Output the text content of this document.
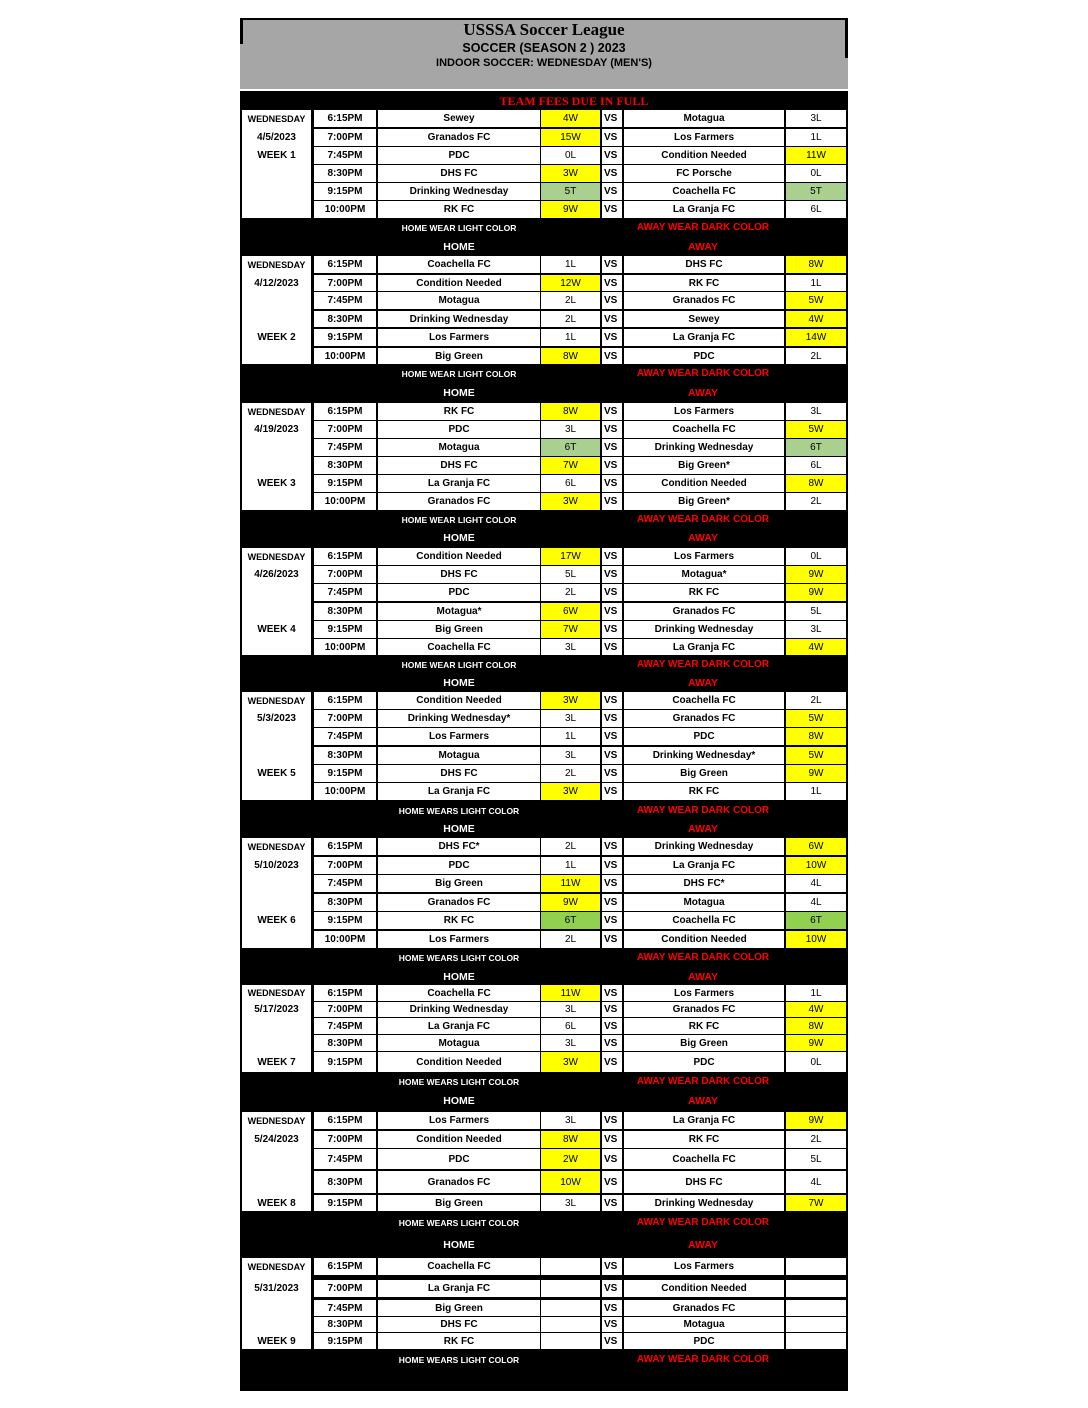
USSSA Soccer League
SOCCER (SEASON 2 ) 2023
INDOOR SOCCER: WEDNESDAY (MEN'S)
TEAM FEES DUE IN FULL
WEDNESDAY	6:15PM	Sewey	4W	VS	Motagua	3L
4/5/2023	7:00PM	Granados FC	15W	VS	Los Farmers	1L
WEEK 1	7:45PM	PDC	0L	VS	Condition Needed	11W
8:30PM	DHS FC	3W	VS	FC Porsche	0L
9:15PM	Drinking Wednesday	5T	VS	Coachella FC	5T
10:00PM	RK FC	9W	VS	La Granja FC	6L
HOME WEAR LIGHT COLOR	AWAY WEAR DARK COLOR
HOME	AWAY
WEDNESDAY	6:15PM	Coachella FC	1L	VS	DHS FC	8W
4/12/2023	7:00PM	Condition Needed	12W	VS	RK FC	1L
7:45PM	Motagua	2L	VS	Granados FC	5W
8:30PM	Drinking Wednesday	2L	VS	Sewey	4W
WEEK 2	9:15PM	Los Farmers	1L	VS	La Granja FC	14W
10:00PM	Big Green	8W	VS	PDC	2L
HOME WEAR LIGHT COLOR	AWAY WEAR DARK COLOR
HOME	AWAY
WEDNESDAY	6:15PM	RK FC	8W	VS	Los Farmers	3L
4/19/2023	7:00PM	PDC	3L	VS	Coachella FC	5W
7:45PM	Motagua	6T	VS	Drinking Wednesday	6T
8:30PM	DHS FC	7W	VS	Big Green*	6L
WEEK 3	9:15PM	La Granja FC	6L	VS	Condition Needed	8W
10:00PM	Granados FC	3W	VS	Big Green*	2L
HOME WEAR LIGHT COLOR	AWAY WEAR DARK COLOR
HOME	AWAY
WEDNESDAY	6:15PM	Condition Needed	17W	VS	Los Farmers	0L
4/26/2023	7:00PM	DHS FC	5L	VS	Motagua*	9W
7:45PM	PDC	2L	VS	RK FC	9W
8:30PM	Motagua*	6W	VS	Granados FC	5L
WEEK 4	9:15PM	Big Green	7W	VS	Drinking Wednesday	3L
10:00PM	Coachella FC	3L	VS	La Granja FC	4W
HOME WEAR LIGHT COLOR	AWAY WEAR DARK COLOR
HOME	AWAY
WEDNESDAY	6:15PM	Condition Needed	3W	VS	Coachella FC	2L
5/3/2023	7:00PM	Drinking Wednesday*	3L	VS	Granados FC	5W
7:45PM	Los Farmers	1L	VS	PDC	8W
8:30PM	Motagua	3L	VS	Drinking Wednesday*	5W
WEEK 5	9:15PM	DHS FC	2L	VS	Big Green	9W
10:00PM	La Granja FC	3W	VS	RK FC	1L
HOME WEARS LIGHT COLOR	AWAY WEAR DARK COLOR
HOME	AWAY
WEDNESDAY	6:15PM	DHS FC*	2L	VS	Drinking Wednesday	6W
5/10/2023	7:00PM	PDC	1L	VS	La Granja FC	10W
7:45PM	Big Green	11W	VS	DHS FC*	4L
8:30PM	Granados FC	9W	VS	Motagua	4L
WEEK 6	9:15PM	RK FC	6T	VS	Coachella FC	6T
10:00PM	Los Farmers	2L	VS	Condition Needed	10W
HOME WEARS LIGHT COLOR	AWAY WEAR DARK COLOR
HOME	AWAY
WEDNESDAY	6:15PM	Coachella FC	11W	VS	Los Farmers	1L
5/17/2023	7:00PM	Drinking Wednesday	3L	VS	Granados FC	4W
7:45PM	La Granja FC	6L	VS	RK FC	8W
8:30PM	Motagua	3L	VS	Big Green	9W
WEEK 7	9:15PM	Condition Needed	3W	VS	PDC	0L
HOME WEARS LIGHT COLOR	AWAY WEAR DARK COLOR
HOME	AWAY
WEDNESDAY	6:15PM	Los Farmers	3L	VS	La Granja FC	9W
5/24/2023	7:00PM	Condition Needed	8W	VS	RK FC	2L
7:45PM	PDC	2W	VS	Coachella FC	5L
8:30PM	Granados FC	10W	VS	DHS FC	4L
WEEK 8	9:15PM	Big Green	3L	VS	Drinking Wednesday	7W
HOME WEARS LIGHT COLOR	AWAY WEAR DARK COLOR
HOME	AWAY
WEDNESDAY	6:15PM	Coachella FC	VS	Los Farmers
5/31/2023	7:00PM	La Granja FC	VS	Condition Needed
7:45PM	Big Green	VS	Granados FC
8:30PM	DHS FC	VS	Motagua
WEEK 9	9:15PM	RK FC	VS	PDC
HOME WEARS LIGHT COLOR	AWAY WEAR DARK COLOR
